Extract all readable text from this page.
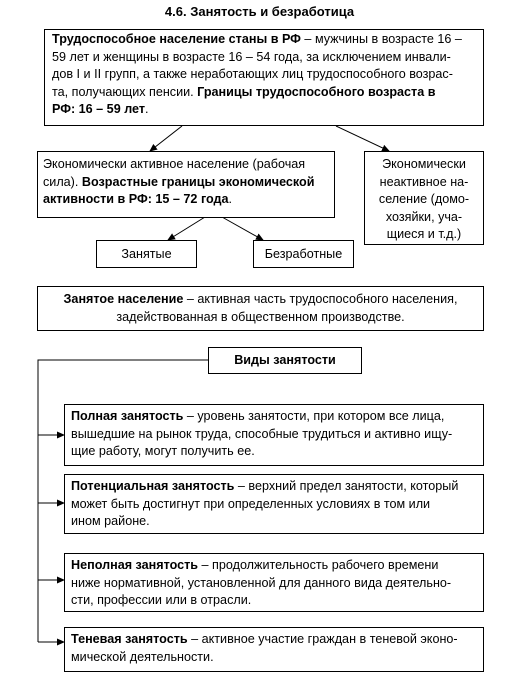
4.6. Занятость и безработица
Трудоспособное население станы в РФ – мужчины в возрасте 16 –
59 лет и женщины в возрасте 16 – 54 года, за исключением инвали-
дов I и II групп, а также неработающих лиц трудоспособного возрас-
та, получающих пенсии. Границы трудоспособного возраста в
РФ: 16 – 59 лет.
Экономически активное население (рабочая
сила). Возрастные границы экономической
активности в РФ: 15 – 72 года.
Экономически
неактивное на-
селение (домо-
хозяйки, уча-
щиеся и т.д.)
Занятые	Безработные
Занятое население – активная часть трудоспособного населения,
задействованная в общественном производстве.
Виды занятости
Полная занятость – уровень занятости, при котором все лица,
вышедшие на рынок труда, способные трудиться и активно ищу-
щие работу, могут получить ее.
Потенциальная занятость – верхний предел занятости, который
может быть достигнут при определенных условиях в том или
ином районе.
Неполная занятость – продолжительность рабочего времени
ниже нормативной, установленной для данного вида деятельно-
сти, профессии или в отрасли.
Теневая занятость – активное участие граждан в теневой эконо-
мической деятельности.
